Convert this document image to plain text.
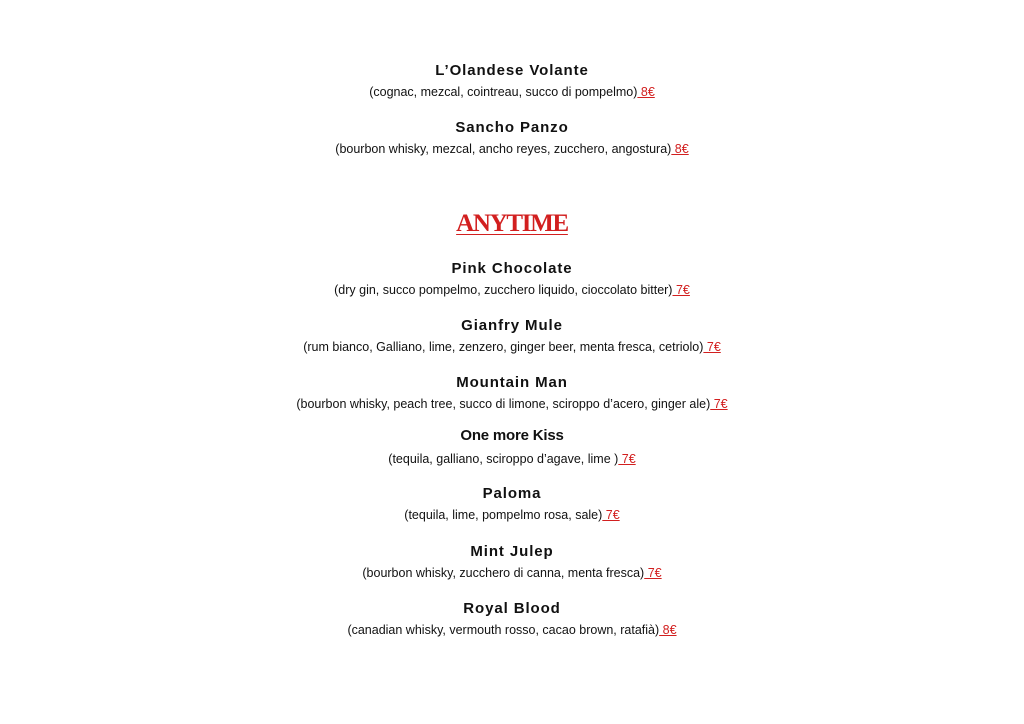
L’Olandese Volante
(cognac, mezcal, cointreau, succo di pompelmo) 8€
Sancho Panzo
(bourbon whisky, mezcal, ancho reyes, zucchero, angostura) 8€
ANYTIME
Pink Chocolate
(dry gin, succo pompelmo, zucchero liquido, cioccolato bitter) 7€
Gianfry Mule
(rum bianco, Galliano, lime, zenzero, ginger beer, menta fresca, cetriolo) 7€
Mountain Man
(bourbon whisky, peach tree, succo di limone, sciroppo d’acero, ginger ale) 7€
One more Kiss
(tequila, galliano, sciroppo d’agave, lime ) 7€
Paloma
(tequila, lime, pompelmo rosa, sale) 7€
Mint Julep
(bourbon whisky, zucchero di canna, menta fresca) 7€
Royal Blood
(canadian whisky, vermouth rosso, cacao brown, ratafià) 8€
